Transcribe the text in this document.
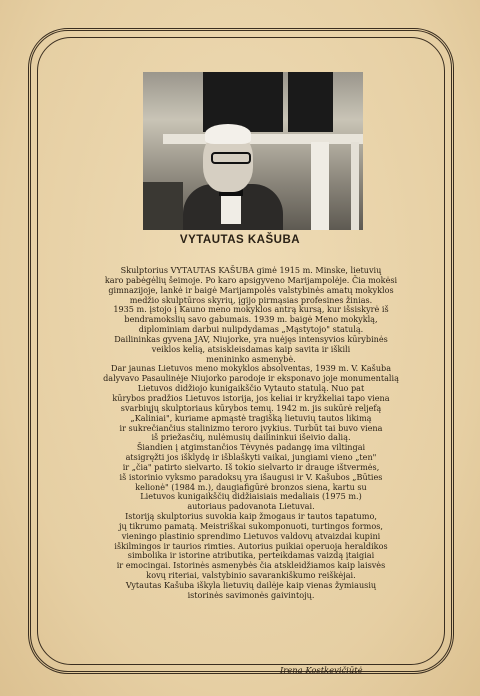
VYTAUTAS KAŠUBA
Skulptorius VYTAUTAS KAŠUBA gimė 1915 m. Minske, lietuvių
karo pabėgėlių šeimoje. Po karo apsigyveno Marijampolėje. Čia mokėsi
gimnazijoje, lankė ir baigė Marijampolės valstybinės amatų mokyklos
medžio skulptūros skyrių, įgijo pirmąsias profesines žinias.
1935 m. įstojo į Kauno meno mokyklos antrą kursą, kur išsiskyrė iš
bendramokslių savo gabumais. 1939 m. baigė Meno mokyklą,
diplominiam darbui nulipdydamas „Mąstytojo" statulą.
Dailininkas gyvena JAV, Niujorke, yra nuėjęs intensyvios kūrybinės
veiklos kelią, atsiskleisdamas kaip savita ir iškili
menininko asmenybė.
Dar jaunas Lietuvos meno mokyklos absolventas, 1939 m. V. Kašuba
dalyvavo Pasaulinėje Niujorko parodoje ir eksponavo joje monumentalią
Lietuvos didžiojo kunigaikščio Vytauto statulą. Nuo pat
kūrybos pradžios Lietuvos istorija, jos keliai ir kryžkeliai tapo viena
svarbiųjų skulptoriaus kūrybos temų. 1942 m. jis sukūrė reljefą
„Kaliniai", kuriame apmąstė tragišką lietuvių tautos likimą
ir sukrečiančius stalinizmo teroro įvykius. Turbūt tai buvo viena
iš priežasčių, nulėmusių dailininkui išeivio dalią.
Šiandien į atgimstančios Tėvynės padangę ima viltingai
atsigręžti jos išklydę ir išblaškyti vaikai, jungiami vieno „ten"
ir „čia" patirto sielvarto. Iš tokio sielvarto ir drauge ištvermės,
iš istorinio vyksmo paradoksų yra išaugusi ir V. Kašubos „Būties
kelionė" (1984 m.), daugiafigūrė bronzos siena, kartu su
Lietuvos kunigaikščių didžiaisiais medaliais (1975 m.)
autoriaus padovanota Lietuvai.
Istoriją skulptorius suvokia kaip žmogaus ir tautos tapatumo,
jų tikrumo pamatą. Meistriškai sukomponuoti, turtingos formos,
vieningo plastinio sprendimo Lietuvos valdovų atvaizdai kupini
iškilmingos ir taurios rimties. Autorius puikiai operuoja heraldikos
simbolika ir istorine atributika, perteikdamas vaizdą įtaigiai
ir emocingai. Istorinės asmenybės čia atskleidžiamos kaip laisvės
kovų riteriai, valstybinio savarankiškumo reiškėjai.
Vytautas Kašuba iškyla lietuvių dailėje kaip vienas žymiausių
istorinės savimonės gaivintojų.
Irena Kostkevičiūtė
